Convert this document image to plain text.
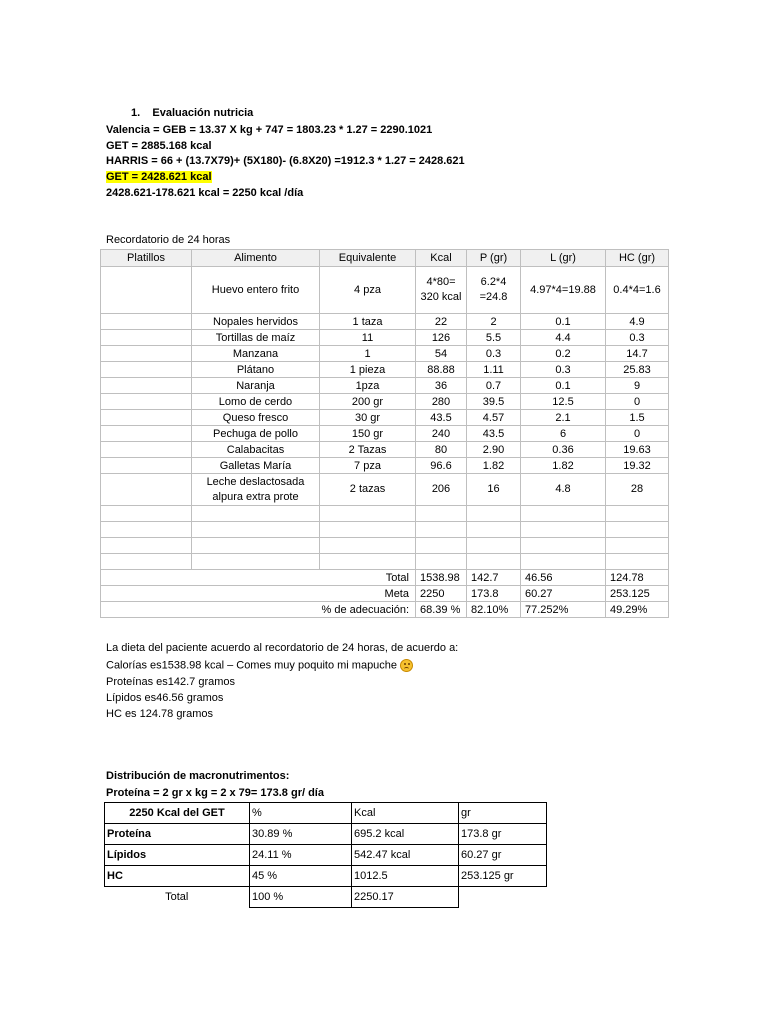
1. Evaluación nutricia
Valencia = GEB = 13.37 X kg + 747 = 1803.23 * 1.27 = 2290.1021
GET = 2885.168 kcal
HARRIS = 66 + (13.7X79)+ (5X180)- (6.8X20) =1912.3 * 1.27 = 2428.621
GET = 2428.621 kcal
2428.621-178.621 kcal = 2250 kcal /día
Recordatorio de 24 horas
Platillos	Alimento	Equivalente	Kcal	P (gr)	L (gr)	HC (gr)
	Huevo entero frito	4 pza	4*80= 320 kcal	6.2*4 =24.8	4.97*4=19.88	0.4*4=1.6
	Nopales hervidos	1 taza	22	2	0.1	4.9
	Tortillas de maíz	11	126	5.5	4.4	0.3
	Manzana	1	54	0.3	0.2	14.7
	Plátano	1 pieza	88.88	1.11	0.3	25.83
	Naranja	1pza	36	0.7	0.1	9
	Lomo de cerdo	200 gr	280	39.5	12.5	0
	Queso fresco	30 gr	43.5	4.57	2.1	1.5
	Pechuga de pollo	150 gr	240	43.5	6	0
	Calabacitas	2 Tazas	80	2.90	0.36	19.63
	Galletas María	7 pza	96.6	1.82	1.82	19.32
	Leche deslactosada alpura extra prote	2 tazas	206	16	4.8	28

Total			1538.98	142.7	46.56	124.78
Meta			2250	173.8	60.27	253.125
% de adecuación:			68.39 %	82.10%	77.252%	49.29%
La dieta del paciente acuerdo al recordatorio de 24 horas, de acuerdo a:
Calorías es1538.98 kcal – Comes muy poquito mi mapuche
Proteínas es142.7 gramos
Lípidos es46.56 gramos
HC es 124.78 gramos
Distribución de macronutrimentos:
Proteína = 2 gr x kg = 2 x 79= 173.8 gr/ día
2250 Kcal del GET	%	Kcal	gr
Proteína	30.89 %	695.2 kcal	173.8 gr
Lípidos	24.11 %	542.47 kcal	60.27 gr
HC	45 %	1012.5	253.125 gr
Total	100 %	2250.17	
